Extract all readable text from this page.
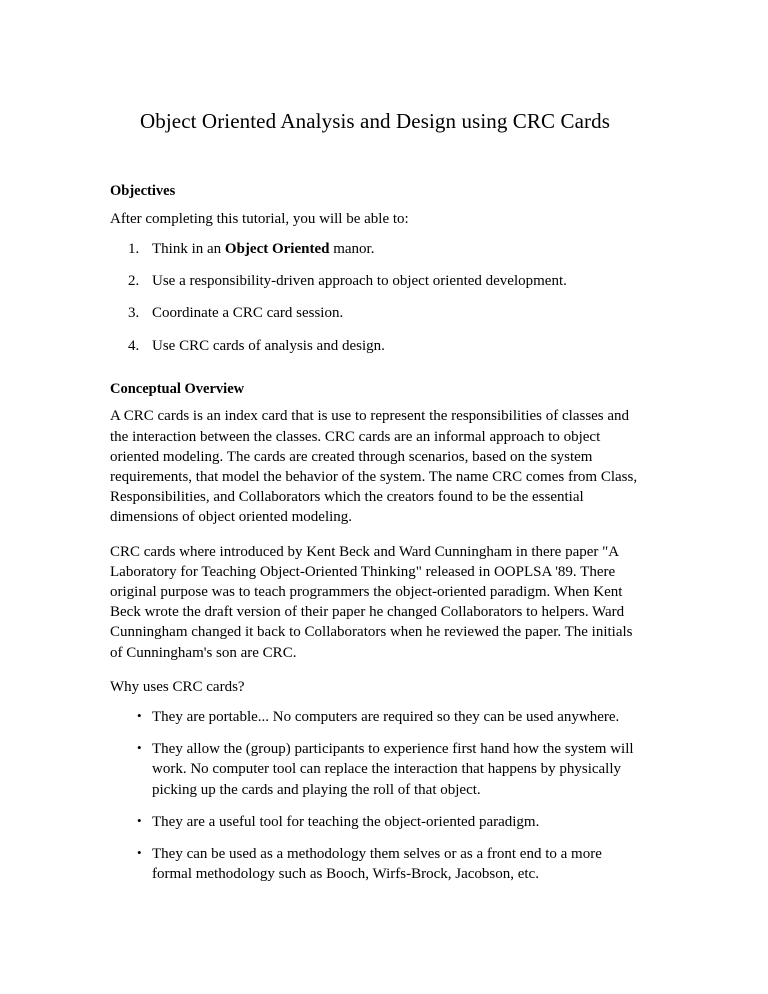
Object Oriented Analysis and Design using CRC Cards
Objectives

After completing this tutorial, you will be able to:

1. Think in an Object Oriented manor.
2. Use a responsibility-driven approach to object oriented development.
3. Coordinate a CRC card session.
4. Use CRC cards of analysis and design.
Conceptual Overview

A CRC cards is an index card that is use to represent the responsibilities of classes and the interaction between the classes. CRC cards are an informal approach to object oriented modeling. The cards are created through scenarios, based on the system requirements, that model the behavior of the system. The name CRC comes from Class, Responsibilities, and Collaborators which the creators found to be the essential dimensions of object oriented modeling.

CRC cards where introduced by Kent Beck and Ward Cunningham in there paper "A Laboratory for Teaching Object-Oriented Thinking" released in OOPLSA '89. There original purpose was to teach programmers the object-oriented paradigm. When Kent Beck wrote the draft version of their paper he changed Collaborators to helpers. Ward Cunningham changed it back to Collaborators when he reviewed the paper. The initials of Cunningham's son are CRC.

Why uses CRC cards?

• They are portable... No computers are required so they can be used anywhere.
• They allow the (group) participants to experience first hand how the system will work. No computer tool can replace the interaction that happens by physically picking up the cards and playing the roll of that object.
• They are a useful tool for teaching the object-oriented paradigm.
• They can be used as a methodology them selves or as a front end to a more formal methodology such as Booch, Wirfs-Brock, Jacobson, etc.
